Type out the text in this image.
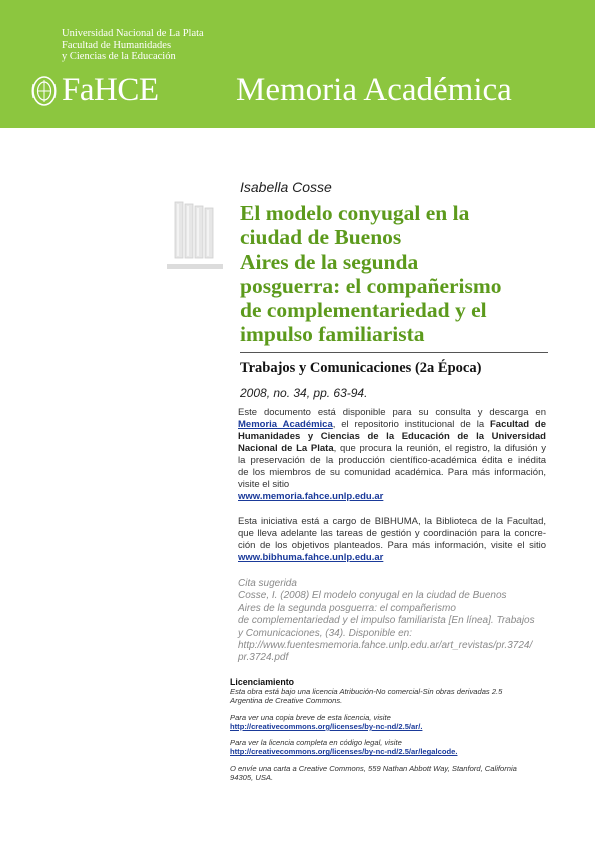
Universidad Nacional de La Plata
Facultad de Humanidades
y Ciencias de la Educación
FaHCE Memoria Académica
Isabella Cosse
El modelo conyugal en la
ciudad de Buenos
Aires de la segunda
posguerra: el compañerismo
de complementariedad y el
impulso familiarista
Trabajos y Comunicaciones (2a Época)
2008, no. 34, pp. 63-94.
Este documento está disponible para su consulta y descarga en
Memoria Académica, el repositorio institucional de la Facultad de
Humanidades y Ciencias de la Educación de la Universidad
Nacional de La Plata, que procura la reunión, el registro, la difusión y
la preservación de la producción científico-académica édita e inédita
de los miembros de su comunidad académica. Para más información,
visite el sitio
www.memoria.fahce.unlp.edu.ar
Esta iniciativa está a cargo de BIBHUMA, la Biblioteca de la Facultad,
que lleva adelante las tareas de gestión y coordinación para la concre-
ción de los objetivos planteados. Para más información, visite el sitio
www.bibhuma.fahce.unlp.edu.ar
Cita sugerida
Cosse, I. (2008) El modelo conyugal en la ciudad de Buenos
Aires de la segunda posguerra: el compañerismo
de complementariedad y el impulso familiarista [En línea]. Trabajos
y Comunicaciones, (34). Disponible en:
http://www.fuentesmemoria.fahce.unlp.edu.ar/art_revistas/pr.3724/
pr.3724.pdf
Licenciamiento
Esta obra está bajo una licencia Atribución-No comercial-Sin obras derivadas 2.5
Argentina de Creative Commons.
Para ver una copia breve de esta licencia, visite
http://creativecommons.org/licenses/by-nc-nd/2.5/ar/.
Para ver la licencia completa en código legal, visite
http://creativecommons.org/licenses/by-nc-nd/2.5/ar/legalcode.
O envíe una carta a Creative Commons, 559 Nathan Abbott Way, Stanford, California
94305, USA.
